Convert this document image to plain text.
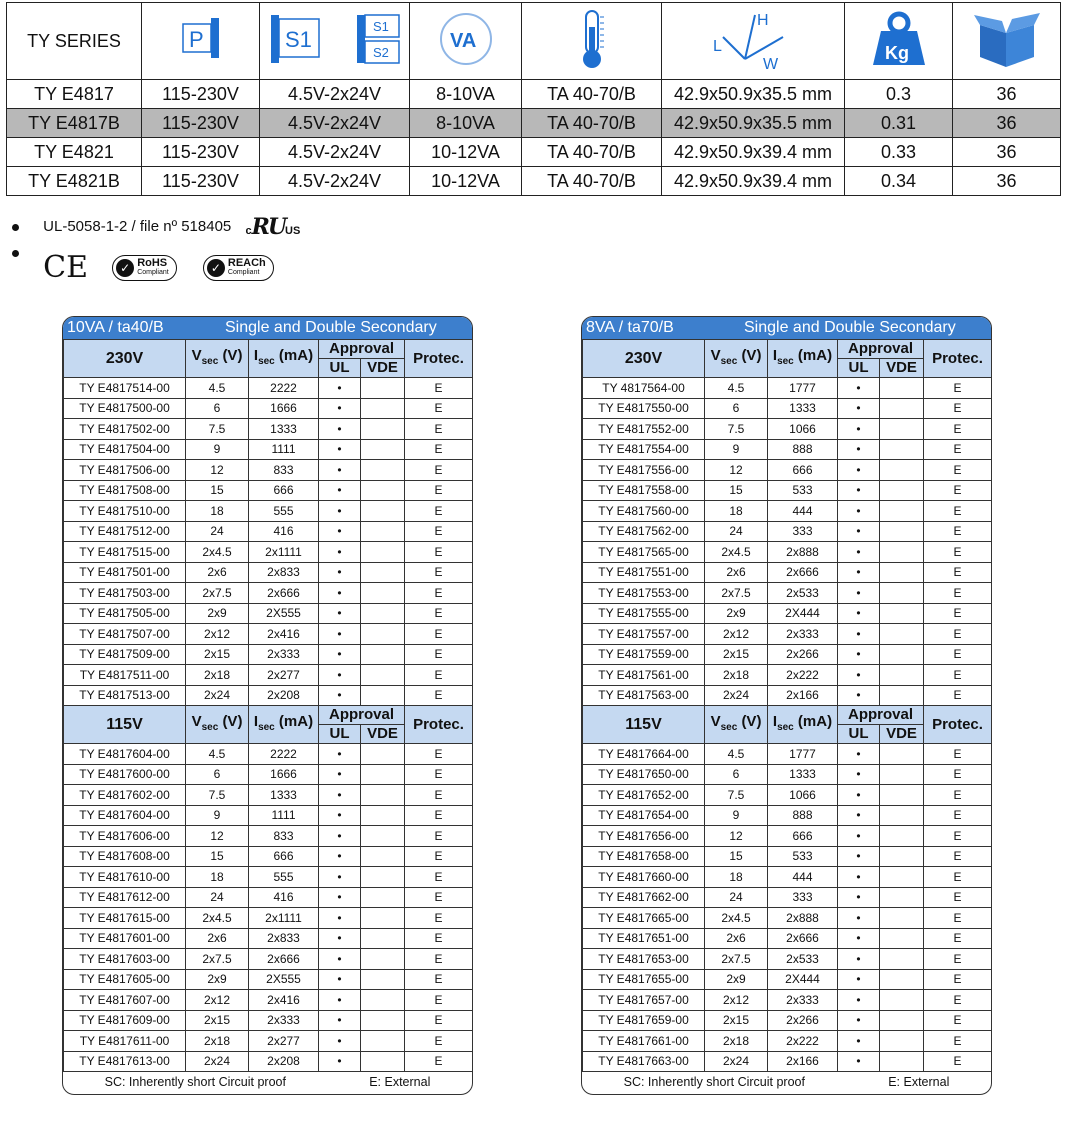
TY SERIES	P	S1
S1
S2	VA		H
L
W	Kg

TY E4817	115-230V	4.5V-2x24V	8-10VA	TA 40-70/B	42.9x50.9x35.5 mm	0.3	36
TY E4817B	115-230V	4.5V-2x24V	8-10VA	TA 40-70/B	42.9x50.9x35.5 mm	0.31	36
TY E4821	115-230V	4.5V-2x24V	10-12VA	TA 40-70/B	42.9x50.9x39.4 mm	0.33	36
TY E4821B	115-230V	4.5V-2x24V	10-12VA	TA 40-70/B	42.9x50.9x39.4 mm	0.34	36
UL-5058-1-2 / file nº 518405 cRUUS
CE	✓ RoHS
Compliant
	✓ REACh
Compliant
10VA / ta40/B	Single and Double Secondary
230V	$V_{sec}$ (V)	$I_{sec}$ (mA)	Approval		Protec.
			UL	VDE	
TY E4817514-00	4.5	2222	•		E
TY E4817500-00	6	1666	•		E
TY E4817502-00	7.5	1333	•		E
TY E4817504-00	9	1111	•		E
TY E4817506-00	12	833	•		E
TY E4817508-00	15	666	•		E
TY E4817510-00	18	555	•		E
TY E4817512-00	24	416	•		E
TY E4817515-00	2x4.5	2x1111	•		E
TY E4817501-00	2x6	2x833	•		E
TY E4817503-00	2x7.5	2x666	•		E
TY E4817505-00	2x9	2X555	•		E
TY E4817507-00	2x12	2x416	•		E
TY E4817509-00	2x15	2x333	•		E
TY E4817511-00	2x18	2x277	•		E
TY E4817513-00	2x24	2x208	•		E
115V	$V_{sec}$ (V)	$I_{sec}$ (mA)	Approval		Protec.
			UL	VDE	
TY E4817604-00	4.5	2222	•		E
TY E4817600-00	6	1666	•		E
TY E4817602-00	7.5	1333	•		E
TY E4817604-00	9	1111	•		E
TY E4817606-00	12	833	•		E
TY E4817608-00	15	666	•		E
TY E4817610-00	18	555	•		E
TY E4817612-00	24	416	•		E
TY E4817615-00	2x4.5	2x1111	•		E
TY E4817601-00	2x6	2x833	•		E
TY E4817603-00	2x7.5	2x666	•		E
TY E4817605-00	2x9	2X555	•		E
TY E4817607-00	2x12	2x416	•		E
TY E4817609-00	2x15	2x333	•		E
TY E4817611-00	2x18	2x277	•		E
TY E4817613-00	2x24	2x208	•		E
SC: Inherently short Circuit proof	E: External
8VA / ta70/B	Single and Double Secondary
230V	$V_{sec}$ (V)	$I_{sec}$ (mA)	Approval		Protec.
			UL	VDE	
TY 4817564-00	4.5	1777	•		E
TY E4817550-00	6	1333	•		E
TY E4817552-00	7.5	1066	•		E
TY E4817554-00	9	888	•		E
TY E4817556-00	12	666	•		E
TY E4817558-00	15	533	•		E
TY E4817560-00	18	444	•		E
TY E4817562-00	24	333	•		E
TY E4817565-00	2x4.5	2x888	•		E
TY E4817551-00	2x6	2x666	•		E
TY E4817553-00	2x7.5	2x533	•		E
TY E4817555-00	2x9	2X444	•		E
TY E4817557-00	2x12	2x333	•		E
TY E4817559-00	2x15	2x266	•		E
TY E4817561-00	2x18	2x222	•		E
TY E4817563-00	2x24	2x166	•		E
115V	$V_{sec}$ (V)	$I_{sec}$ (mA)	Approval		Protec.
			UL	VDE	
TY E4817664-00	4.5	1777	•		E
TY E4817650-00	6	1333	•		E
TY E4817652-00	7.5	1066	•		E
TY E4817654-00	9	888	•		E
TY E4817656-00	12	666	•		E
TY E4817658-00	15	533	•		E
TY E4817660-00	18	444	•		E
TY E4817662-00	24	333	•		E
TY E4817665-00	2x4.5	2x888	•		E
TY E4817651-00	2x6	2x666	•		E
TY E4817653-00	2x7.5	2x533	•		E
TY E4817655-00	2x9	2X444	•		E
TY E4817657-00	2x12	2x333	•		E
TY E4817659-00	2x15	2x266	•		E
TY E4817661-00	2x18	2x222	•		E
TY E4817663-00	2x24	2x166	•		E
SC: Inherently short Circuit proof	E: External
